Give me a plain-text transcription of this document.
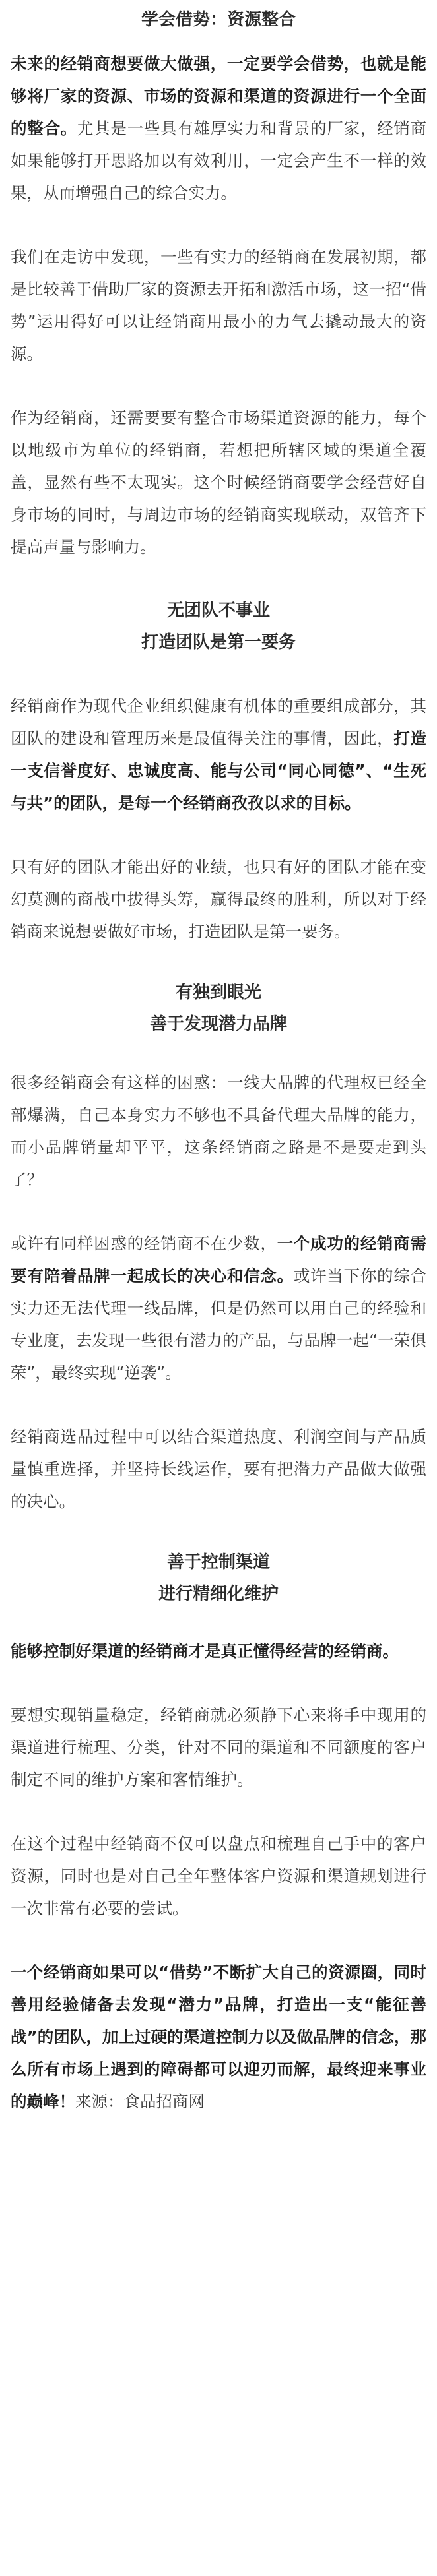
学会借势：资源整合

未来的经销商想要做大做强，一定要学会借势，也就是能够将厂家的资源、市场的资源和渠道的资源进行一个全面的整合。尤其是一些具有雄厚实力和背景的厂家，经销商如果能够打开思路加以有效利用，一定会产生不一样的效果，从而增强自己的综合实力。

我们在走访中发现，一些有实力的经销商在发展初期，都是比较善于借助厂家的资源去开拓和激活市场，这一招“借势”运用得好可以让经销商用最小的力气去撬动最大的资源。

作为经销商，还需要要有整合市场渠道资源的能力，每个以地级市为单位的经销商，若想把所辖区域的渠道全覆盖，显然有些不太现实。这个时候经销商要学会经营好自身市场的同时，与周边市场的经销商实现联动，双管齐下提高声量与影响力。

无团队不事业
打造团队是第一要务

经销商作为现代企业组织健康有机体的重要组成部分，其团队的建设和管理历来是最值得关注的事情，因此，打造一支信誉度好、忠诚度高、能与公司“同心同德”、“生死与共”的团队，是每一个经销商孜孜以求的目标。

只有好的团队才能出好的业绩，也只有好的团队才能在变幻莫测的商战中拔得头筹，赢得最终的胜利，所以对于经销商来说想要做好市场，打造团队是第一要务。

有独到眼光
善于发现潜力品牌

很多经销商会有这样的困惑：一线大品牌的代理权已经全部爆满，自己本身实力不够也不具备代理大品牌的能力，而小品牌销量却平平，这条经销商之路是不是要走到头了？

或许有同样困惑的经销商不在少数，一个成功的经销商需要有陪着品牌一起成长的决心和信念。或许当下你的综合实力还无法代理一线品牌，但是仍然可以用自己的经验和专业度，去发现一些很有潜力的产品，与品牌一起“一荣俱荣”，最终实现“逆袭”。

经销商选品过程中可以结合渠道热度、利润空间与产品质量慎重选择，并坚持长线运作，要有把潜力产品做大做强的决心。

善于控制渠道
进行精细化维护

能够控制好渠道的经销商才是真正懂得经营的经销商。

要想实现销量稳定，经销商就必须静下心来将手中现用的渠道进行梳理、分类，针对不同的渠道和不同额度的客户制定不同的维护方案和客情维护。

在这个过程中经销商不仅可以盘点和梳理自己手中的客户资源，同时也是对自己全年整体客户资源和渠道规划进行一次非常有必要的尝试。

一个经销商如果可以“借势”不断扩大自己的资源圈，同时善用经验储备去发现“潜力”品牌，打造出一支“能征善战”的团队，加上过硬的渠道控制力以及做品牌的信念，那么所有市场上遇到的障碍都可以迎刃而解，最终迎来事业的巅峰！来源：食品招商网
